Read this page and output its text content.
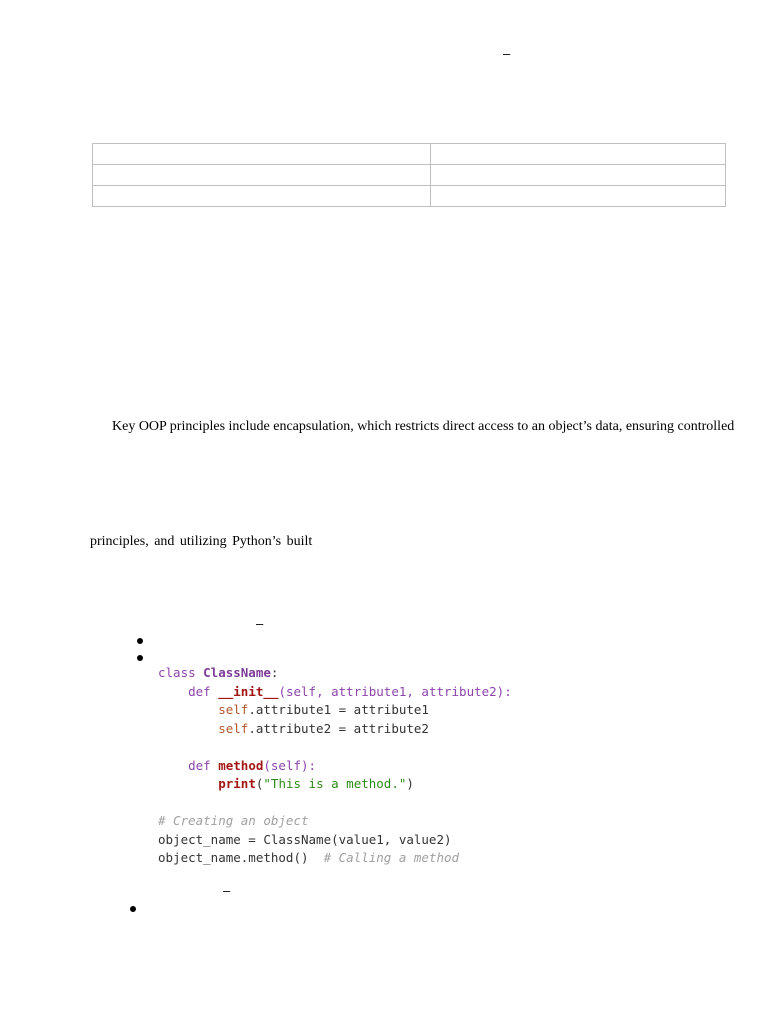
–

Key OOP principles include encapsulation, which restricts direct access to an object’s data, ensuring controlled
principles, and utilizing Python’s built
–
class ClassName:
def __init__(self, attribute1, attribute2):
self.attribute1 = attribute1
self.attribute2 = attribute2
def method(self):
print("This is a method.")
# Creating an object
object_name = ClassName(value1, value2)
object_name.method()  # Calling a method
–
